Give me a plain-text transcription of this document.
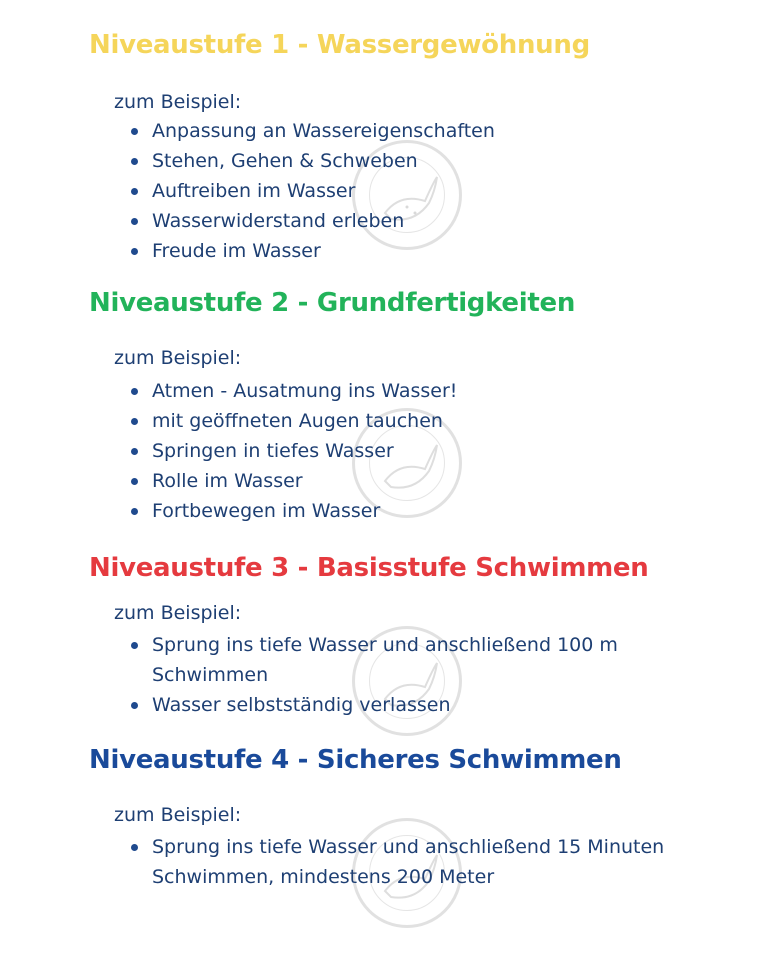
Niveaustufe 1 - Wassergewöhnung

zum Beispiel:

Anpassung an Wassereigenschaften
Stehen, Gehen & Schweben
Auftreiben im Wasser
Wasserwiderstand erleben
Freude im Wasser
Niveaustufe 2 - Grundfertigkeiten

zum Beispiel:

Atmen - Ausatmung ins Wasser!
mit geöffneten Augen tauchen
Springen in tiefes Wasser
Rolle im Wasser
Fortbewegen im Wasser
Niveaustufe 3 - Basisstufe Schwimmen

zum Beispiel:

Sprung ins tiefe Wasser und anschließend 100 m
Schwimmen
Wasser selbstständig verlassen
Niveaustufe 4 - Sicheres Schwimmen

zum Beispiel:

Sprung ins tiefe Wasser und anschließend 15 Minuten
Schwimmen, mindestens 200 Meter
